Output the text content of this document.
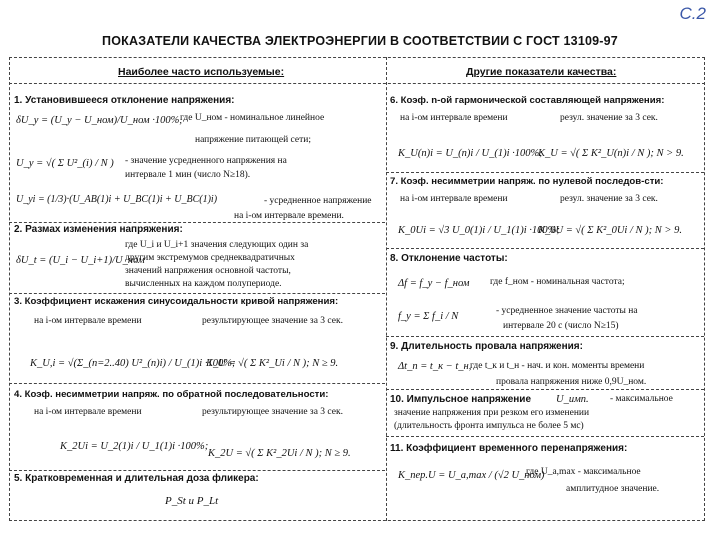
С.2
ПОКАЗАТЕЛИ КАЧЕСТВА ЭЛЕКТРОЭНЕРГИИ В СООТВЕТСТВИИ С ГОСТ 13109-97
Наиболее часто используемые:	Другие показатели качества:
1. Установившееся отклонение напряжения:
δU_y = (U_y − U_ном)/U_ном ·100%,
где U_ном - номинальное линейное
напряжение питающей сети;
U_y = √( Σ U²_(i) / N ) - значение усредненного напряжения на
интервале 1 мин (число N≥18).
U_yi = (1/3)·(U_AB(1)i + U_BC(1)i + U_BC(1)i)	- усредненное напряжение
на i-ом интервале времени.
2. Размах изменения напряжения:
δU_t = (U_i − U_i+1)/U_ном
где U_i и U_i+1 значения следующих один за
другим экстремумов среднеквадратичных
значений напряжения основной частоты,
вычисленных на каждом полупериоде.
3. Коэффициент искажения синусоидальности кривой напряжения:
на i-ом интервале времени	результирующее значение за 3 сек.
K_U,i = √(Σ_(n=2..40) U²_(n)i) / U_(1)i ·100%;
K_U = √( Σ K²_Ui / N ); N ≥ 9.
4. Коэф. несимметрии напряж. по обратной последовательности:
на i-ом интервале времени	результирующее значение за 3 сек.
K_2Ui = U_2(1)i / U_1(1)i ·100%;
K_2U = √( Σ K²_2Ui / N ); N ≥ 9.
5. Кратковременная и длительная доза фликера:
P_St и P_Lt
6. Коэф. n-ой гармонической составляющей напряжения:
на i-ом интервале времени	резул. значение за 3 сек.
K_U(n)i = U_(n)i / U_(1)i ·100%;
K_U = √( Σ K²_U(n)i / N ); N > 9.
7. Коэф. несимметрии напряж. по нулевой последов-сти:
на i-ом интервале времени	резул. значение за 3 сек.
K_0Ui = √3 U_0(1)i / U_1(1)i ·100%;
K_0U = √( Σ K²_0Ui / N ); N > 9.
8. Отклонение частоты:
Δf = f_y − f_ном где f_ном - номинальная частота;
f_y = Σ f_i / N	- усредненное значение частоты на
интервале 20 с (число N≥15)
9. Длительность провала напряжения:
Δt_п = t_к − t_н,
где t_к и t_н - нач. и кон. моменты времени
провала напряжения ниже 0,9U_ном.
10. Импульсное напряжение U_имп. - максимальное
значение напряжения при резком его изменении
(длительность фронта импульса не более 5 мс)
11. Коэффициент временного перенапряжения:
K_пер.U = U_a,max / (√2 U_ном)
где U_a,max - максимальное
амплитудное значение.
